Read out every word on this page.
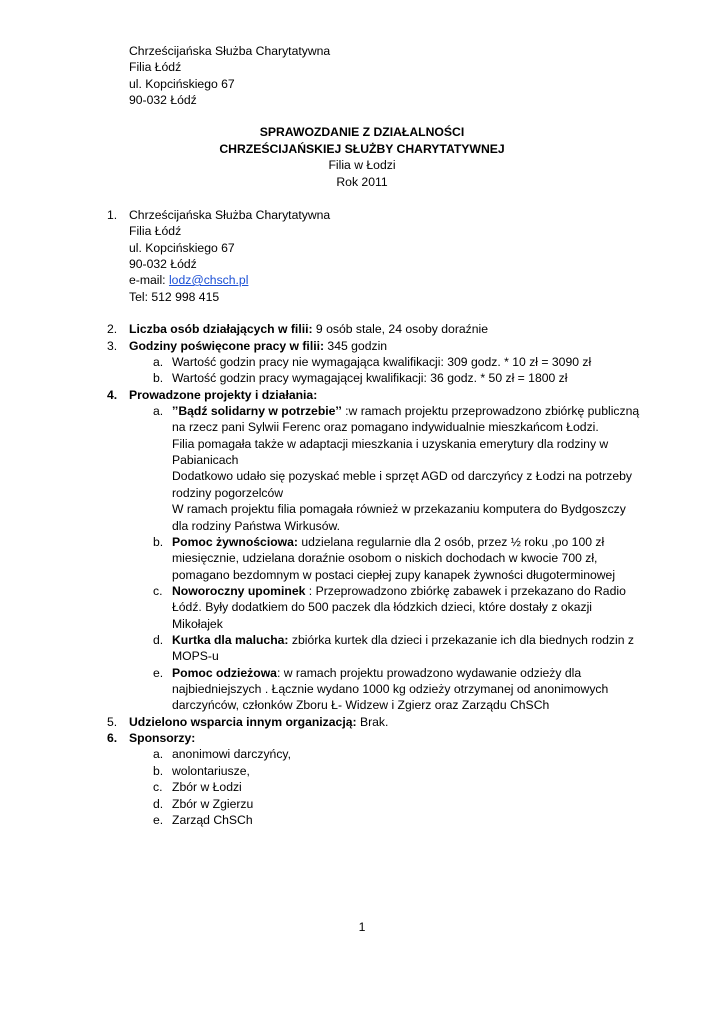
Chrześcijańska Służba Charytatywna
Filia Łódź
ul. Kopcińskiego 67
90-032 Łódź
SPRAWOZDANIE Z DZIAŁALNOŚCI
CHRZEŚCIJAŃSKIEJ SŁUŻBY CHARYTATYWNEJ
Filia w Łodzi
Rok 2011
1. Chrześcijańska Służba Charytatywna
Filia Łódź
ul. Kopcińskiego 67
90-032 Łódź
e-mail: lodz@chsch.pl
Tel: 512 998 415
2. Liczba osób działających w filii: 9 osób stale, 24 osoby doraźnie
3. Godziny poświęcone pracy w filii: 345 godzin
a. Wartość godzin pracy nie wymagająca kwalifikacji: 309 godz. * 10 zł = 3090 zł
b. Wartość godzin pracy wymagającej kwalifikacji: 36 godz. * 50 zł = 1800 zł
4. Prowadzone projekty i działania:
a. ’’Bądź solidarny w potrzebie’’ :w ramach projektu przeprowadzono zbiórkę publiczną
na rzecz pani Sylwii Ferenc oraz pomagano indywidualnie mieszkańcom Łodzi.
Filia pomagała także w adaptacji mieszkania i uzyskania emerytury dla rodziny w
Pabianicach
Dodatkowo udało się pozyskać meble i sprzęt AGD od darczyńcy z Łodzi na potrzeby
rodziny pogorzelców
W ramach projektu filia pomagała również w przekazaniu komputera do Bydgoszczy
dla rodziny Państwa Wirkusów.
b. Pomoc żywnościowa: udzielana regularnie dla 2 osób, przez ½ roku ,po 100 zł
miesięcznie, udzielana doraźnie osobom o niskich dochodach w kwocie 700 zł,
pomagano bezdomnym w postaci ciepłej zupy kanapek żywności długoterminowej
c. Noworoczny upominek : Przeprowadzono zbiórkę zabawek i przekazano do Radio
Łódź. Były dodatkiem do 500 paczek dla łódzkich dzieci, które dostały z okazji
Mikołajek
d. Kurtka dla malucha: zbiórka kurtek dla dzieci i przekazanie ich dla biednych rodzin z
MOPS-u
e. Pomoc odzieżowa: w ramach projektu prowadzono wydawanie odzieży dla
najbiedniejszych . Łącznie wydano 1000 kg odzieży otrzymanej od anonimowych
darczyńców, członków Zboru Ł- Widzew i Zgierz oraz Zarządu ChSCh
5. Udzielono wsparcia innym organizacją: Brak.
6. Sponsorzy:
a. anonimowi darczyńcy,
b. wolontariusze,
c. Zbór w Łodzi
d. Zbór w Zgierzu
e. Zarząd ChSCh
1
